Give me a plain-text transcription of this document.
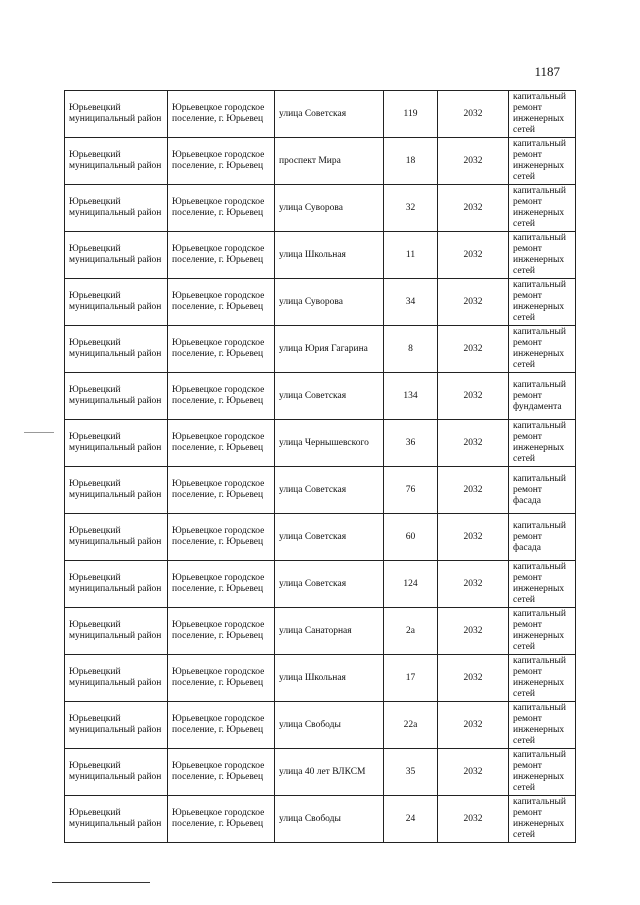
1187
Юрьевецкий муниципальный район	Юрьевецкое городское поселение, г. Юрьевец	улица Советская	119	2032	капитальный ремонт инженерных сетей
Юрьевецкий муниципальный район	Юрьевецкое городское поселение, г. Юрьевец	проспект Мира	18	2032	капитальный ремонт инженерных сетей
Юрьевецкий муниципальный район	Юрьевецкое городское поселение, г. Юрьевец	улица Суворова	32	2032	капитальный ремонт инженерных сетей
Юрьевецкий муниципальный район	Юрьевецкое городское поселение, г. Юрьевец	улица Школьная	11	2032	капитальный ремонт инженерных сетей
Юрьевецкий муниципальный район	Юрьевецкое городское поселение, г. Юрьевец	улица Суворова	34	2032	капитальный ремонт инженерных сетей
Юрьевецкий муниципальный район	Юрьевецкое городское поселение, г. Юрьевец	улица Юрия Гагарина	8	2032	капитальный ремонт инженерных сетей
Юрьевецкий муниципальный район	Юрьевецкое городское поселение, г. Юрьевец	улица Советская	134	2032	капитальный ремонт фундамента
Юрьевецкий муниципальный район	Юрьевецкое городское поселение, г. Юрьевец	улица Чернышевского	36	2032	капитальный ремонт инженерных сетей
Юрьевецкий муниципальный район	Юрьевецкое городское поселение, г. Юрьевец	улица Советская	76	2032	капитальный ремонт фасада
Юрьевецкий муниципальный район	Юрьевецкое городское поселение, г. Юрьевец	улица Советская	60	2032	капитальный ремонт фасада
Юрьевецкий муниципальный район	Юрьевецкое городское поселение, г. Юрьевец	улица Советская	124	2032	капитальный ремонт инженерных сетей
Юрьевецкий муниципальный район	Юрьевецкое городское поселение, г. Юрьевец	улица Санаторная	2а	2032	капитальный ремонт инженерных сетей
Юрьевецкий муниципальный район	Юрьевецкое городское поселение, г. Юрьевец	улица Школьная	17	2032	капитальный ремонт инженерных сетей
Юрьевецкий муниципальный район	Юрьевецкое городское поселение, г. Юрьевец	улица Свободы	22а	2032	капитальный ремонт инженерных сетей
Юрьевецкий муниципальный район	Юрьевецкое городское поселение, г. Юрьевец	улица 40 лет ВЛКСМ	35	2032	капитальный ремонт инженерных сетей
Юрьевецкий муниципальный район	Юрьевецкое городское поселение, г. Юрьевец	улица Свободы	24	2032	капитальный ремонт инженерных сетей
